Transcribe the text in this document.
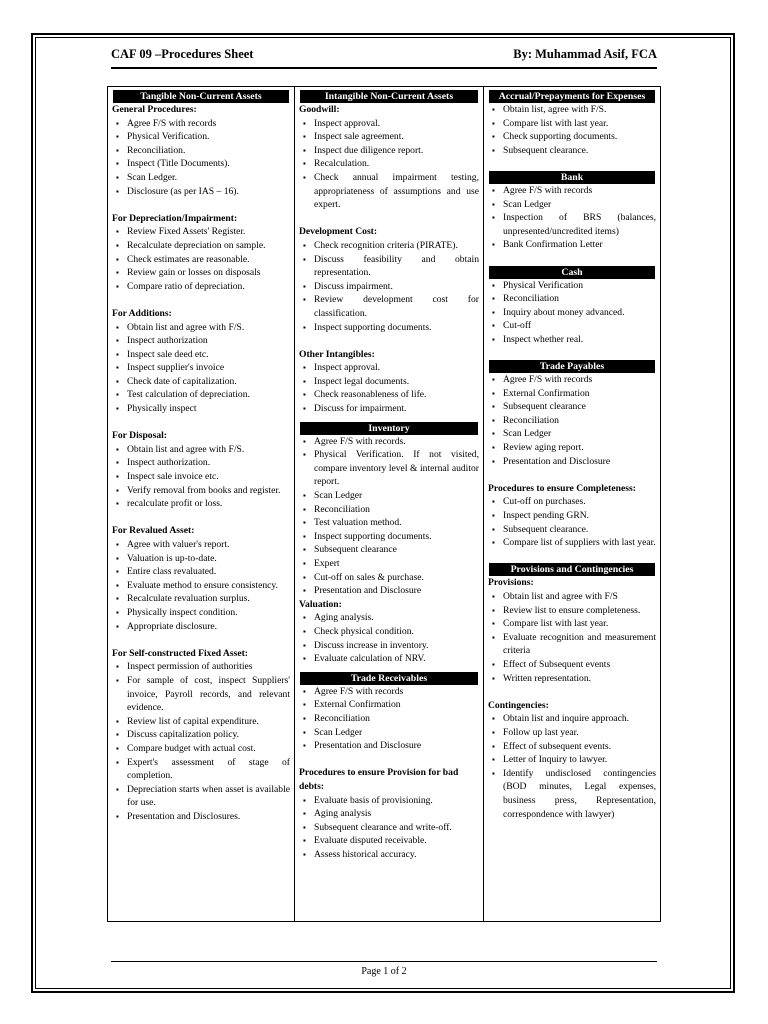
CAF 09 –Procedures Sheet	By: Muhammad Asif, FCA
Tangible Non-Current Assets

General Procedures:

▪ Agree F/S with records
▪ Physical Verification.
▪ Reconciliation.
▪ Inspect (Title Documents).
▪ Scan Ledger.
▪ Disclosure (as per IAS – 16).

For Depreciation/Impairment:

▪ Review Fixed Assets' Register.
▪ Recalculate depreciation on sample.
▪ Check estimates are reasonable.
▪ Review gain or losses on disposals
▪ Compare ratio of depreciation.

For Additions:

▪ Obtain list and agree with F/S.
▪ Inspect authorization
▪ Inspect sale deed etc.
▪ Inspect supplier's invoice
▪ Check date of capitalization.
▪ Test calculation of depreciation.
▪ Physically inspect

For Disposal:

▪ Obtain list and agree with F/S.
▪ Inspect authorization.
▪ Inspect sale invoice etc.
▪ Verify removal from books and register.
▪ recalculate profit or loss.

For Revalued Asset:

▪ Agree with valuer's report.
▪ Valuation is up-to-date.
▪ Entire class revaluated.
▪ Evaluate method to ensure consistency.
▪ Recalculate revaluation surplus.
▪ Physically inspect condition.
▪ Appropriate disclosure.

For Self-constructed Fixed Asset:

▪ Inspect permission of authorities
▪ For sample of cost, inspect Suppliers' invoice, Payroll records, and relevant evidence.
▪ Review list of capital expenditure.
▪ Discuss capitalization policy.
▪ Compare budget with actual cost.
▪ Expert's assessment of stage of completion.
▪ Depreciation starts when asset is available for use.
▪ Presentation and Disclosures.
Intangible Non-Current Assets

Goodwill:

▪ Inspect approval.
▪ Inspect sale agreement.
▪ Inspect due diligence report.
▪ Recalculation.
▪ Check annual impairment testing, appropriateness of assumptions and use expert.

Development Cost:

▪ Check recognition criteria (PIRATE).
▪ Discuss feasibility and obtain representation.
▪ Discuss impairment.
▪ Review development cost for classification.
▪ Inspect supporting documents.

Other Intangibles:

▪ Inspect approval.
▪ Inspect legal documents.
▪ Check reasonableness of life.
▪ Discuss for impairment.
Inventory
▪ Agree F/S with records.
▪ Physical Verification. If not visited, compare inventory level & internal auditor report.
▪ Scan Ledger
▪ Reconciliation
▪ Test valuation method.
▪ Inspect supporting documents.
▪ Subsequent clearance
▪ Expert
▪ Cut-off on sales & purchase.
▪ Presentation and Disclosure

Valuation:

▪ Aging analysis.
▪ Check physical condition.
▪ Discuss increase in inventory.
▪ Evaluate calculation of NRV.
Trade Receivables
▪ Agree F/S with records
▪ External Confirmation
▪ Reconciliation
▪ Scan Ledger
▪ Presentation and Disclosure

Procedures to ensure Provision for bad debts:

▪ Evaluate basis of provisioning.
▪ Aging analysis
▪ Subsequent clearance and write-off.
▪ Evaluate disputed receivable.
▪ Assess historical accuracy.
Accrual/Prepayments for Expenses
▪ Obtain list, agree with F/S.
▪ Compare list with last year.
▪ Check supporting documents.
▪ Subsequent clearance.
Bank
▪ Agree F/S with records
▪ Scan Ledger
▪ Inspection of BRS (balances, unpresented/uncredited items)
▪ Bank Confirmation Letter
Cash
▪ Physical Verification
▪ Reconciliation
▪ Inquiry about money advanced.
▪ Cut-off
▪ Inspect whether real.
Trade Payables
▪ Agree F/S with records
▪ External Confirmation
▪ Subsequent clearance
▪ Reconciliation
▪ Scan Ledger
▪ Review aging report.
▪ Presentation and Disclosure

Procedures to ensure Completeness:

▪ Cut-off on purchases.
▪ Inspect pending GRN.
▪ Subsequent clearance.
▪ Compare list of suppliers with last year.
Provisions and Contingencies

Provisions:

▪ Obtain list and agree with F/S
▪ Review list to ensure completeness.
▪ Compare list with last year.
▪ Evaluate recognition and measurement criteria
▪ Effect of Subsequent events
▪ Written representation.

Contingencies:

▪ Obtain list and inquire approach.
▪ Follow up last year.
▪ Effect of subsequent events.
▪ Letter of Inquiry to lawyer.
▪ Identify undisclosed contingencies (BOD minutes, Legal expenses, business press, Representation, correspondence with lawyer)
Page 1 of 2
